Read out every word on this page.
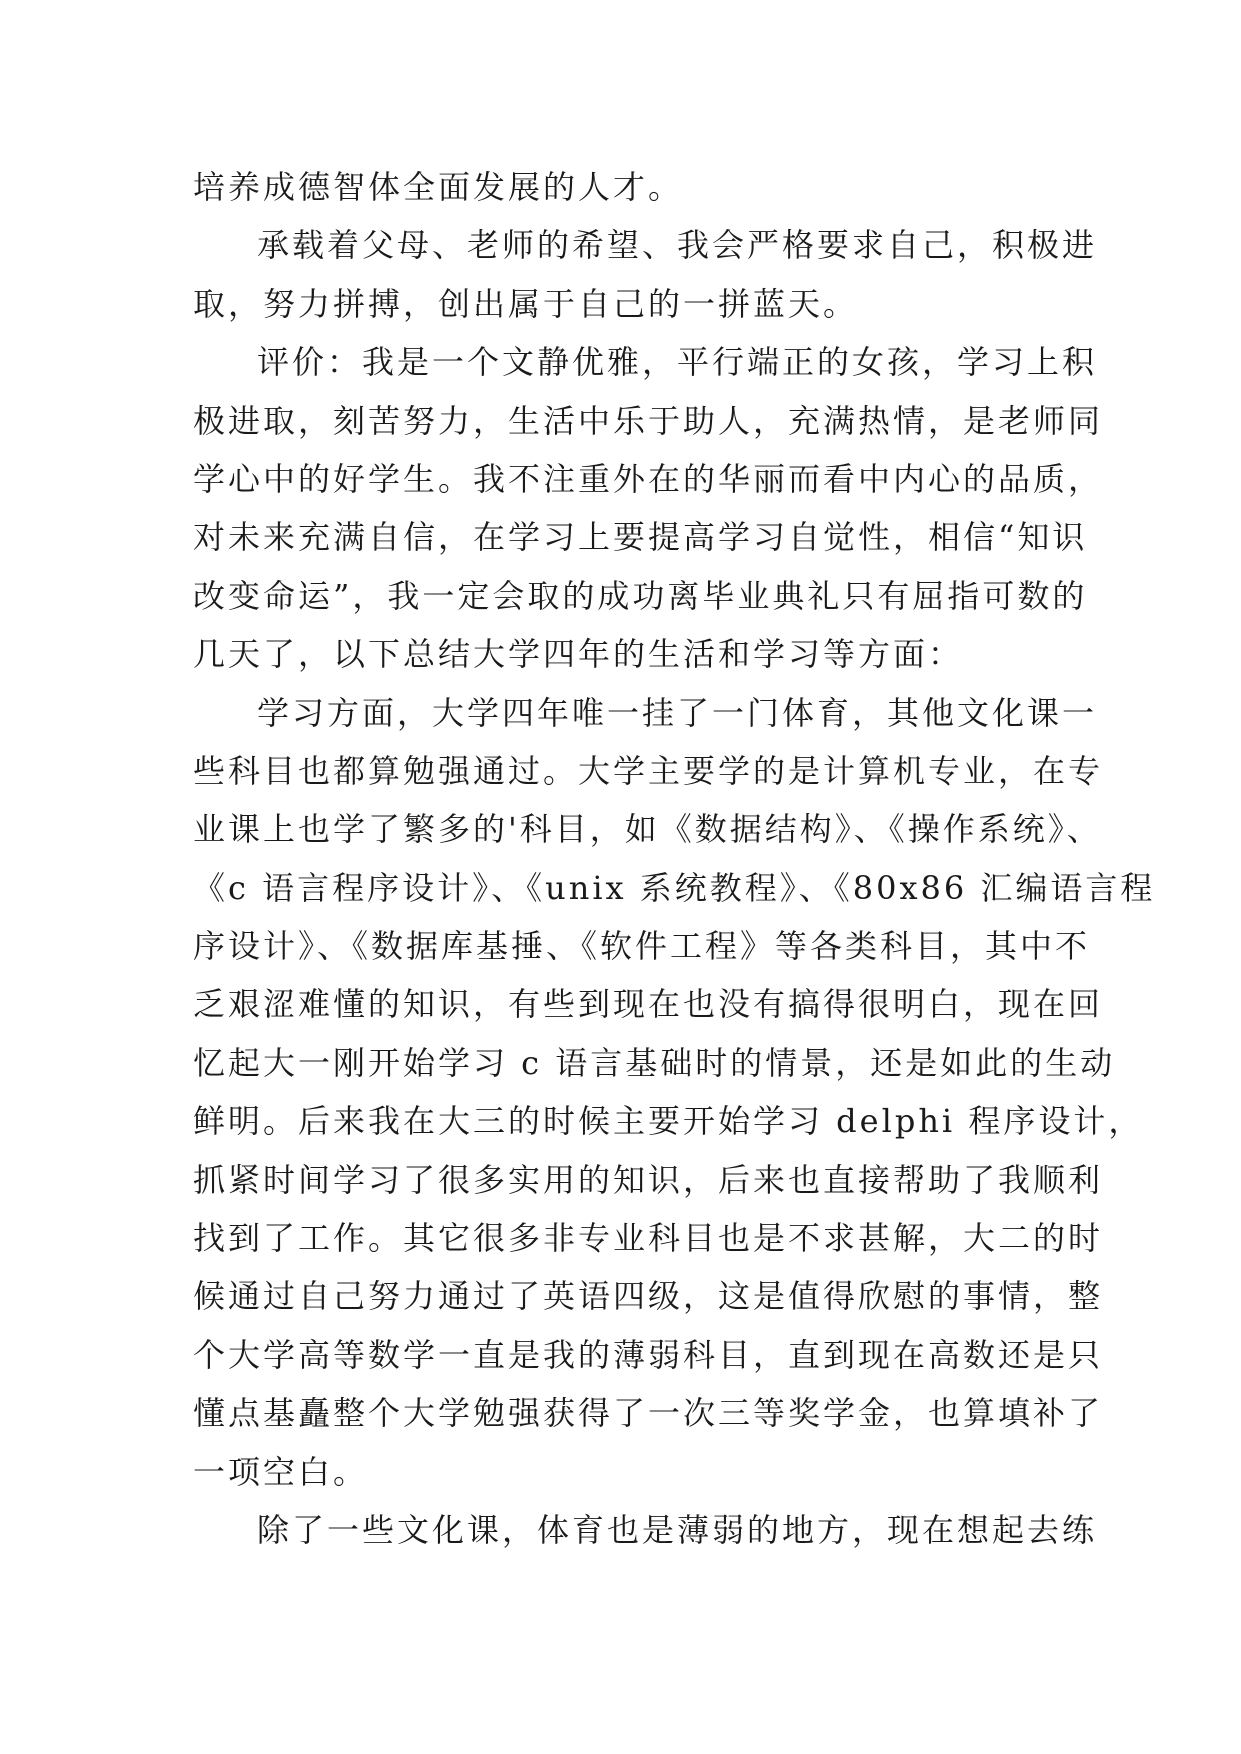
培养成德智体全面发展的人才。
承载着父母、老师的希望、我会严格要求自己，积极进
取，努力拼搏，创出属于自己的一拼蓝天。
评价：我是一个文静优雅，平行端正的女孩，学习上积
极进取，刻苦努力，生活中乐于助人，充满热情，是老师同
学心中的好学生。我不注重外在的华丽而看中内心的品质，
对未来充满自信，在学习上要提高学习自觉性，相信“知识
改变命运”，我一定会取的成功离毕业典礼只有屈指可数的
几天了，以下总结大学四年的生活和学习等方面：
学习方面，大学四年唯一挂了一门体育，其他文化课一
些科目也都算勉强通过。大学主要学的是计算机专业，在专
业课上也学了繁多的'科目，如《数据结构》、《操作系统》、
《c 语言程序设计》、《unix 系统教程》、《80x86 汇编语言程
序设计》、《数据库基捶、《软件工程》等各类科目，其中不
乏艰涩难懂的知识，有些到现在也没有搞得很明白，现在回
忆起大一刚开始学习 c 语言基础时的情景，还是如此的生动
鲜明。后来我在大三的时候主要开始学习 delphi 程序设计，
抓紧时间学习了很多实用的知识，后来也直接帮助了我顺利
找到了工作。其它很多非专业科目也是不求甚解，大二的时
候通过自己努力通过了英语四级，这是值得欣慰的事情，整
个大学高等数学一直是我的薄弱科目，直到现在高数还是只
懂点基矗整个大学勉强获得了一次三等奖学金，也算填补了
一项空白。
除了一些文化课，体育也是薄弱的地方，现在想起去练
